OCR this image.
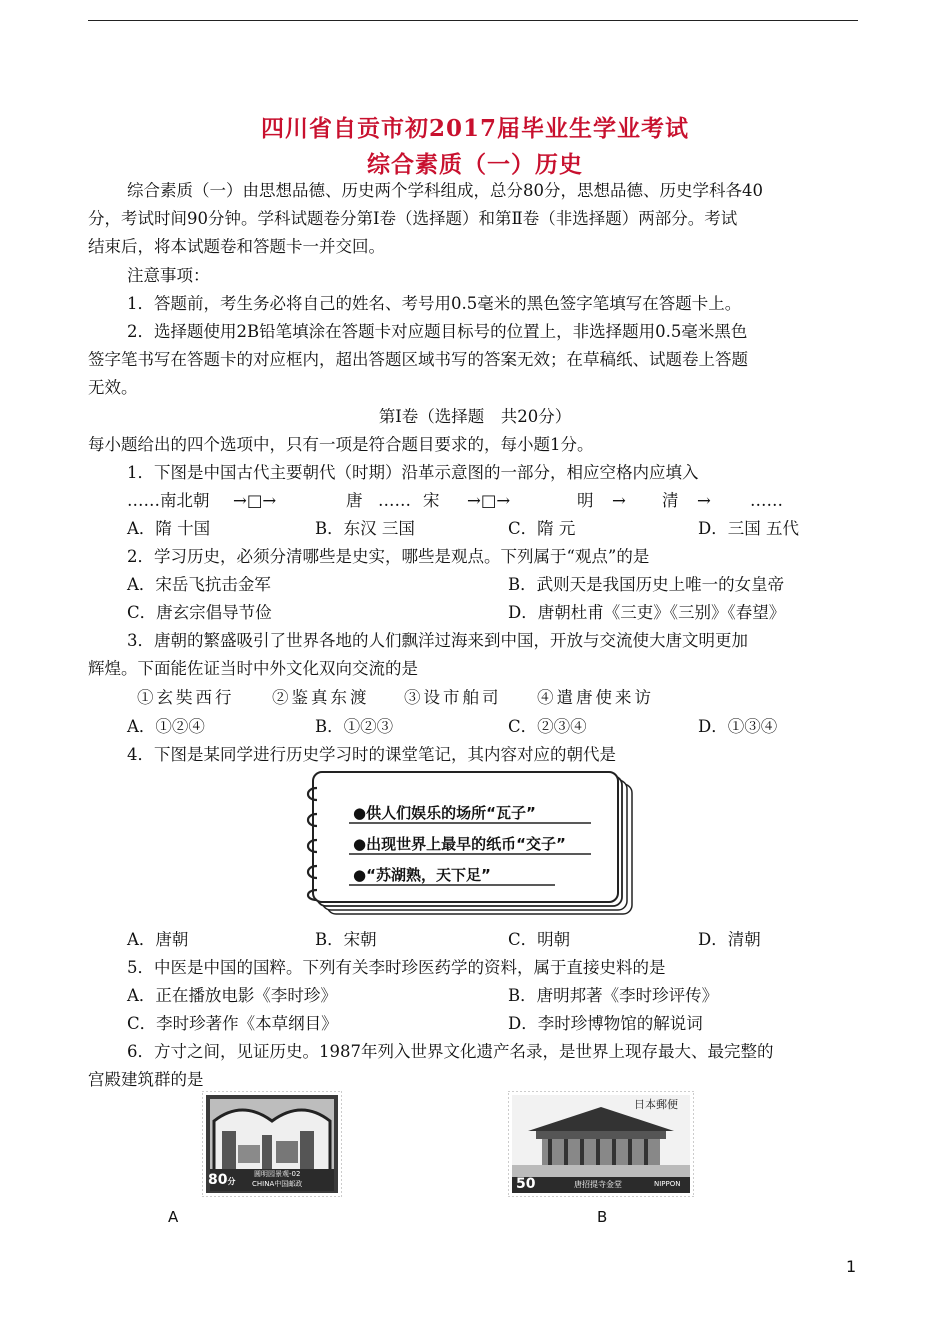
四川省自贡市初2017届毕业生学业考试
综合素质（一）历史
综合素质（一）由思想品德、历史两个学科组成，总分80分，思想品德、历史学科各40
分，考试时间90分钟。学科试题卷分第Ⅰ卷（选择题）和第Ⅱ卷（非选择题）两部分。考试
结束后，将本试题卷和答题卡一并交回。
注意事项：
1．答题前，考生务必将自己的姓名、考号用0.5毫米的黑色签字笔填写在答题卡上。
2．选择题使用2B铅笔填涂在答题卡对应题目标号的位置上，非选择题用0.5毫米黑色
签字笔书写在答题卡的对应框内，超出答题区域书写的答案无效；在草稿纸、试题卷上答题
无效。
第Ⅰ卷（选择题　共20分）
每小题给出的四个选项中，只有一项是符合题目要求的，每小题1分。
1．下图是中国古代主要朝代（时期）沿革示意图的一部分，相应空格内应填入
……南北朝 →□→	唐 …… 宋 →□→	明 → 清 → ……
A．隋 十国	B．东汉 三国	C．隋 元	D．三国 五代
2．学习历史，必须分清哪些是史实，哪些是观点。下列属于“观点”的是
A．宋岳飞抗击金军	B．武则天是我国历史上唯一的女皇帝
C．唐玄宗倡导节俭	D．唐朝杜甫《三吏》《三别》《春望》
3．唐朝的繁盛吸引了世界各地的人们飘洋过海来到中国，开放与交流使大唐文明更加
辉煌。下面能佐证当时中外文化双向交流的是
①玄奘西行 ②鉴真东渡 ③设市舶司 ④遣唐使来访
A．①②④	B．①②③	C．②③④	D．①③④
4．下图是某同学进行历史学习时的课堂笔记，其内容对应的朝代是
●供人们娱乐的场所“瓦子”
●出现世界上最早的纸币“交子”
●“苏湖熟，天下足”
A．唐朝	B．宋朝	C．明朝	D．清朝
5．中医是中国的国粹。下列有关李时珍医药学的资料，属于直接史料的是
A．正在播放电影《李时珍》	B．唐明邦著《李时珍评传》
C．李时珍著作《本草纲目》	D．李时珍博物馆的解说词
6．方寸之间，见证历史。1987年列入世界文化遗产名录，是世界上现存最大、最完整的
宫殿建筑群的是
80分
圆明园景观-02
CHINA中国邮政
日本郵便
50	唐招提寺金堂	NIPPON
A	B
1
